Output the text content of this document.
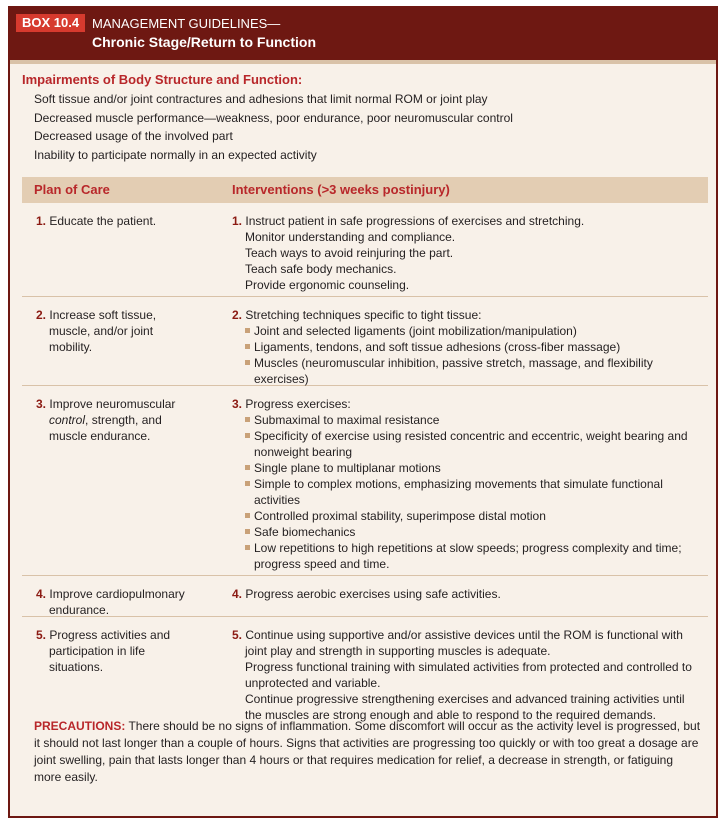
BOX 10.4 MANAGEMENT GUIDELINES—
Chronic Stage/Return to Function
Impairments of Body Structure and Function:
Soft tissue and/or joint contractures and adhesions that limit normal ROM or joint play
Decreased muscle performance—weakness, poor endurance, poor neuromuscular control
Decreased usage of the involved part
Inability to participate normally in an expected activity
Plan of Care	Interventions (>3 weeks postinjury)
1. Educate the patient.	1. Instruct patient in safe progressions of exercises and stretching.
Monitor understanding and compliance.
Teach ways to avoid reinjuring the part.
Teach safe body mechanics.
Provide ergonomic counseling.
2. Increase soft tissue,
muscle, and/or joint
mobility.
2. Stretching techniques specific to tight tissue:
Joint and selected ligaments (joint mobilization/manipulation)
Ligaments, tendons, and soft tissue adhesions (cross-fiber massage)
Muscles (neuromuscular inhibition, passive stretch, massage, and flexibility exercises)
3. Improve neuromuscular
control, strength, and
muscle endurance.
3. Progress exercises:
Submaximal to maximal resistance
Specificity of exercise using resisted concentric and eccentric, weight bearing and nonweight bearing
Single plane to multiplanar motions
Simple to complex motions, emphasizing movements that simulate functional activities
Controlled proximal stability, superimpose distal motion
Safe biomechanics
Low repetitions to high repetitions at slow speeds; progress complexity and time; progress speed and time.
4. Improve cardiopulmonary
endurance.
4. Progress aerobic exercises using safe activities.
5. Progress activities and
participation in life
situations.
5. Continue using supportive and/or assistive devices until the ROM is functional with joint play and strength in supporting muscles is adequate.
Progress functional training with simulated activities from protected and controlled to unprotected and variable.
Continue progressive strengthening exercises and advanced training activities until the muscles are strong enough and able to respond to the required demands.
PRECAUTIONS: There should be no signs of inflammation. Some discomfort will occur as the activity level is progressed, but it should not last longer than a couple of hours. Signs that activities are progressing too quickly or with too great a dosage are joint swelling, pain that lasts longer than 4 hours or that requires medication for relief, a decrease in strength, or fatiguing more easily.
